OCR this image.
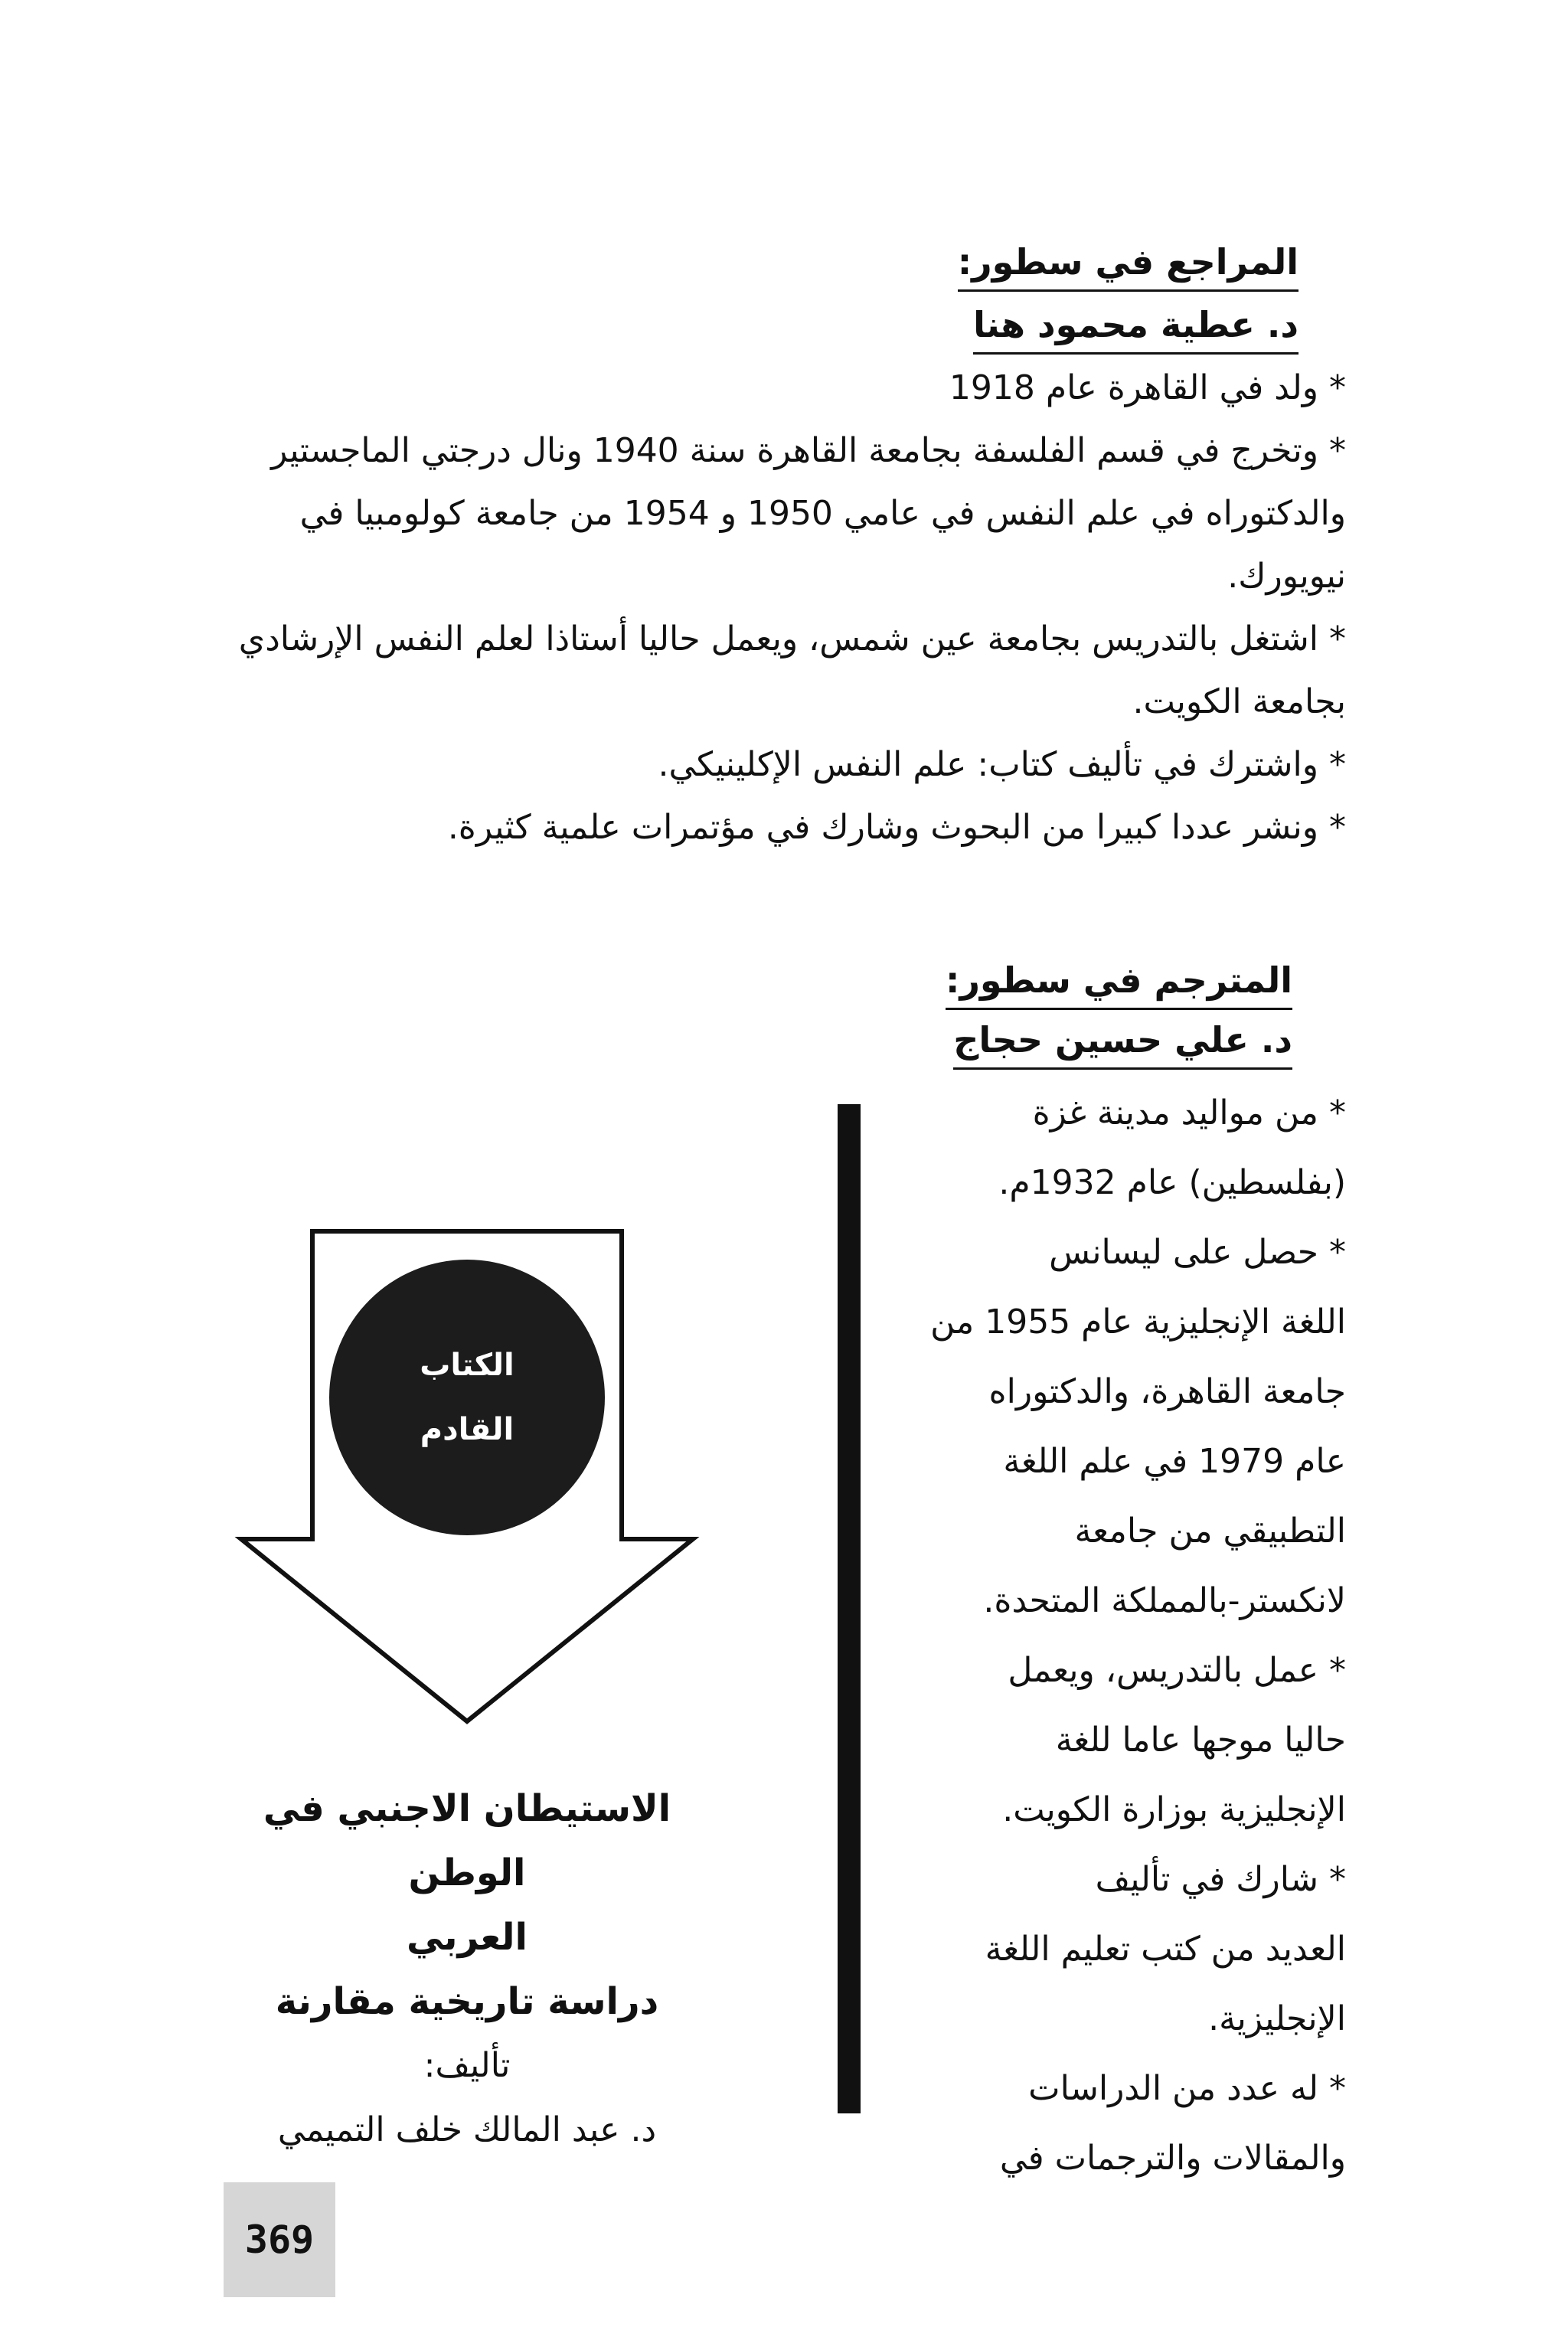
المراجع في سطور:
د. عطية محمود هنا

* ولد في القاهرة عام 1918

* وتخرج في قسم الفلسفة بجامعة القاهرة سنة 1940 ونال درجتي الماجستير والدكتوراه في علم النفس في عامي 1950 و 1954 من جامعة كولومبيا في نيويورك.

* اشتغل بالتدريس بجامعة عين شمس، ويعمل حاليا أستاذا لعلم النفس الإرشادي بجامعة الكويت.

* واشترك في تأليف كتاب: علم النفس الإكلينيكي.

* ونشر عددا كبيرا من البحوث وشارك في مؤتمرات علمية كثيرة.

المترجم في سطور:
د. علي حسين حجاج

* من مواليد مدينة غزة

(بفلسطين) عام 1932م.

* حصل على ليسانس

اللغة الإنجليزية عام 1955 من

جامعة القاهرة، والدكتوراه

عام 1979 في علم اللغة

التطبيقي من جامعة

لانكستر-بالمملكة المتحدة.

* عمل بالتدريس، ويعمل

حاليا موجها عاما للغة

الإنجليزية بوزارة الكويت.

* شارك في تأليف

العديد من كتب تعليم اللغة

الإنجليزية.

* له عدد من الدراسات

والمقالات والترجمات في

الكتاب
القادم
الاستيطان الاجنبي في الوطن
العربي
دراسة تاريخية مقارنة
تأليف:
د. عبد المالك خلف التميمي
369
